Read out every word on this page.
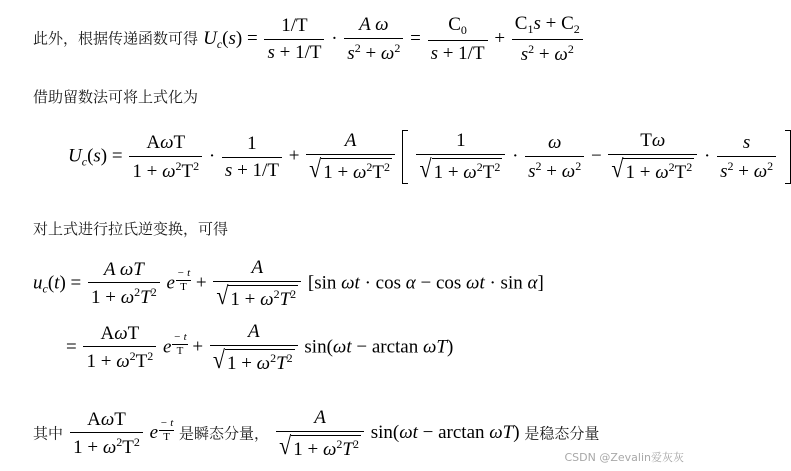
此外，根据传递函数可得 $U_c(s) = \frac{1/T}{s + 1/T} \cdot \frac{\text{A ω}}{s^2 + \omega^2} = \frac{C_0}{s + 1/T} + \frac{C_1s + C_2}{s^2 + \omega^2}$
借助留数法可将上式化为
$U_c(s) = \frac{\text{AωT}}{1 + \omega^2T^2} \cdot \frac{1}{s + 1/T} + \frac{A}{√ 1 + \omega^2T^2}$
$\frac{1}{√ 1 + \omega^2T^2} \cdot \frac{\omega}{s^2 + \omega^2} - \frac{T\omega}{√ 1 + \omega^2T^2} \cdot \frac{s}{s^2 + \omega^2}$

对上式进行拉氏逆变换，可得
$u_c(t) = \frac{\text{A ωT}}{1 + \omega^2T^2}$ e $\frac{- t}{T} + \frac{A}{√ 1 + \omega^2T^2} [\sin$ ωt · cos α − cos ωt · sin α]
= $\frac{\text{AωT}}{1 + \omega^2T^2}$ e $\frac{- t}{T} + \frac{A}{√ 1 + \omega^2T^2} \sin(\omega t - \arctan \omega T)$
其中 $\frac{\text{AωT}}{1 + \omega^2T^2}$ e $\frac{- t}{T}$ 是瞬态分量， $\frac{A}{√ 1 + \omega^2T^2} \sin(\omega t - \arctan \omega T)$ 是稳态分量
CSDN @Zevalin爱灰灰
